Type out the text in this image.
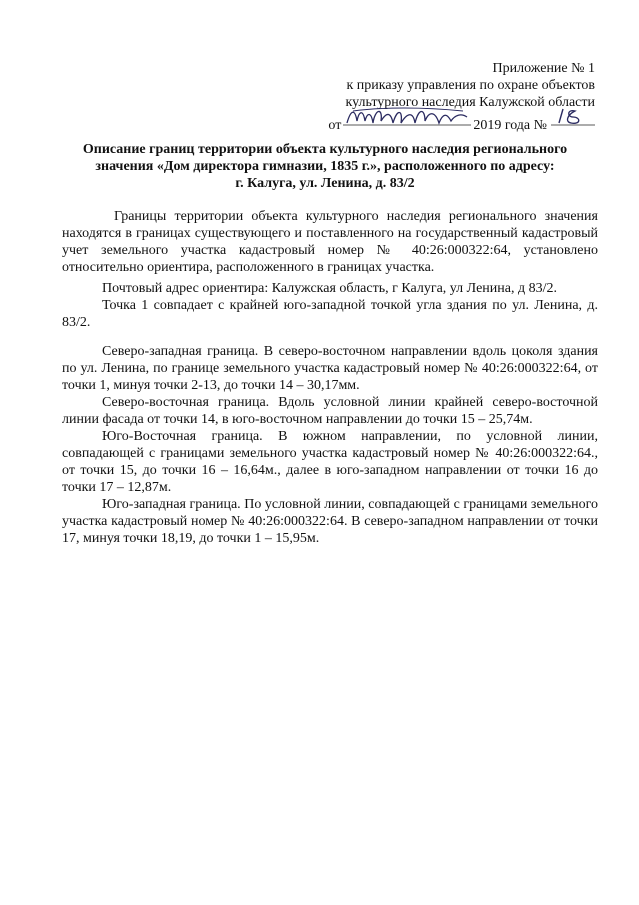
Приложение № 1
к приказу управления по охране объектов
культурного наследия Калужской области
от	2019 года №
Описание границ территории объекта культурного наследия регионального
значения «Дом директора гимназии, 1835 г.», расположенного по адресу:
г. Калуга, ул. Ленина, д. 83/2

Границы территории объекта культурного наследия регионального значения находятся в границах существующего и поставленного на государственный кадастровый учет земельного участка кадастровый номер № 40:26:000322:64, установлено относительно ориентира, расположенного в границах участка.

Почтовый адрес ориентира: Калужская область, г Калуга, ул Ленина, д 83/2.

Точка 1 совпадает с крайней юго-западной точкой угла здания по ул. Ленина, д. 83/2.

Северо-западная граница. В северо-восточном направлении вдоль цоколя здания по ул. Ленина, по границе земельного участка кадастровый номер № 40:26:000322:64, от точки 1, минуя точки 2-13, до точки 14 – 30,17мм.

Северо-восточная граница. Вдоль условной линии крайней северо-восточной линии фасада от точки 14, в юго-восточном направлении до точки 15 – 25,74м.

Юго-Восточная граница. В южном направлении, по условной линии, совпадающей с границами земельного участка кадастровый номер № 40:26:000322:64., от точки 15, до точки 16 – 16,64м., далее в юго-западном направлении от точки 16 до точки 17 – 12,87м.

Юго-западная граница. По условной линии, совпадающей с границами земельного участка кадастровый номер № 40:26:000322:64. В северо-западном направлении от точки 17, минуя точки 18,19, до точки 1 – 15,95м.
